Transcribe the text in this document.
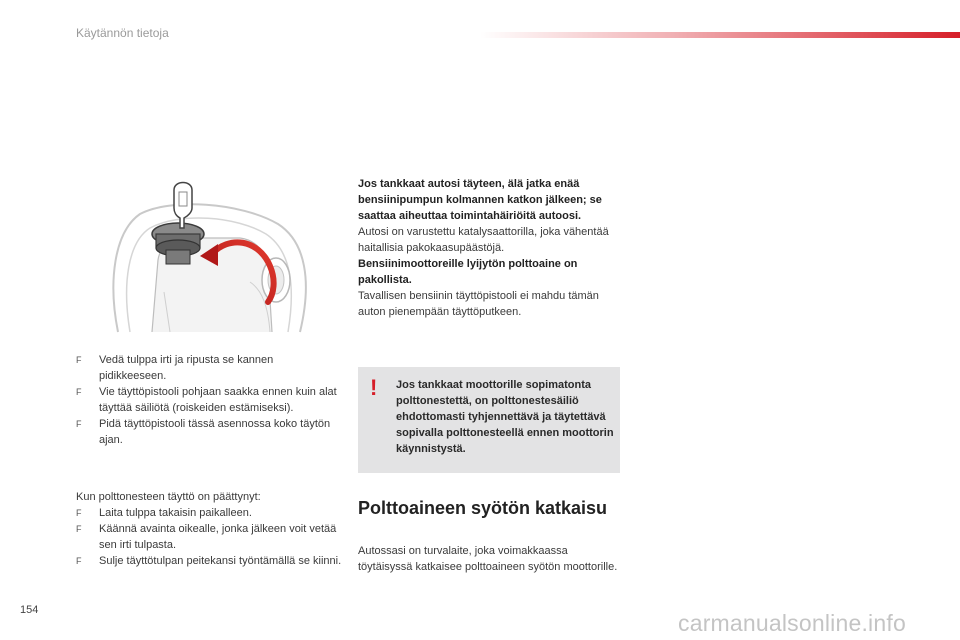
Käytännön tietoja
F Vedä tulppa irti ja ripusta se kannen pidikkeeseen.
F Vie täyttöpistooli pohjaan saakka ennen kuin alat täyttää säiliötä (roiskeiden estämiseksi).
F Pidä täyttöpistooli tässä asennossa koko täytön ajan.

Kun polttonesteen täyttö on päättynyt:

F Laita tulppa takaisin paikalleen.
F Käännä avainta oikealle, jonka jälkeen voit vetää sen irti tulpasta.
F Sulje täyttötulpan peitekansi työntämällä se kiinni.

Jos tankkaat autosi täyteen, älä jatka enää bensiinipumpun kolmannen katkon jälkeen; se saattaa aiheuttaa toimintahäiriöitä autoosi.

Autosi on varustettu katalysaattorilla, joka vähentää haitallisia pakokaasupäästöjä.

Bensiinimoottoreille lyijytön polttoaine on pakollista.

Tavallisen bensiinin täyttöpistooli ei mahdu tämän auton pienempään täyttöputkeen.

! Jos tankkaat moottorille sopimatonta polttonestettä, on polttonestesäiliö ehdottomasti tyhjennettävä ja täytettävä sopivalla polttonesteellä ennen moottorin käynnistystä.
Polttoaineen syötön katkaisu

Autossasi on turvalaite, joka voimakkaassa töytäisyssä katkaisee polttoaineen syötön moottorille.

154	carmanualsonline.info
